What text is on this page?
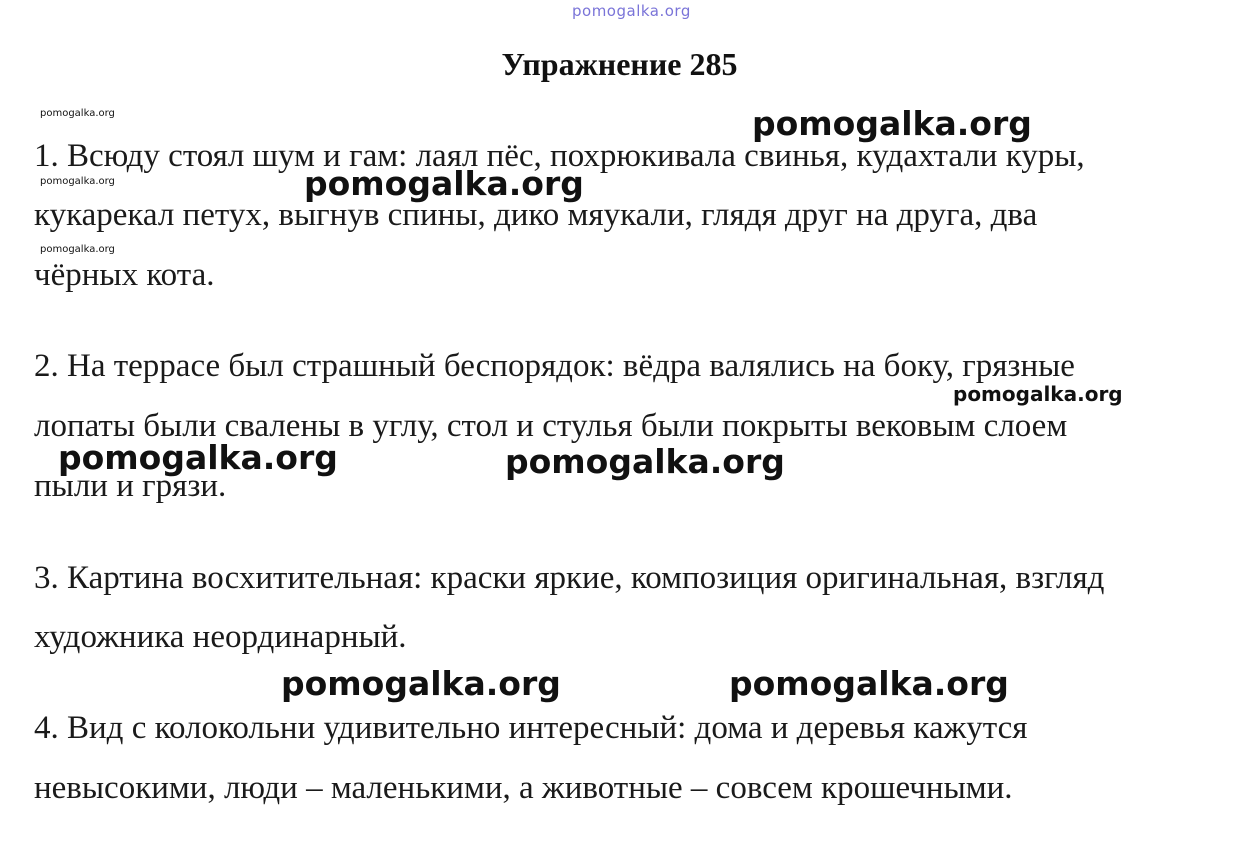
pomogalka.org
Упражнение 285
pomogalka.org	pomogalka.org
1. Всюду стоял шум и гам: лаял пёс, похрюкивала свинья, кудахтали куры,
pomogalka.org	pomogalka.org
кукарекал петух, выгнув спины, дико мяукали, глядя друг на друга, два
pomogalka.org
чёрных кота.
2. На террасе был страшный беспорядок: вёдра валялись на боку, грязные
pomogalka.org
лопаты были свалены в углу, стол и стулья были покрыты вековым слоем
pomogalka.org	pomogalka.org
пыли и грязи.
3. Картина восхитительная: краски яркие, композиция оригинальная, взгляд
художника неординарный.
pomogalka.org	pomogalka.org
4. Вид с колокольни удивительно интересный: дома и деревья кажутся
невысокими, люди – маленькими, а животные – совсем крошечными.
